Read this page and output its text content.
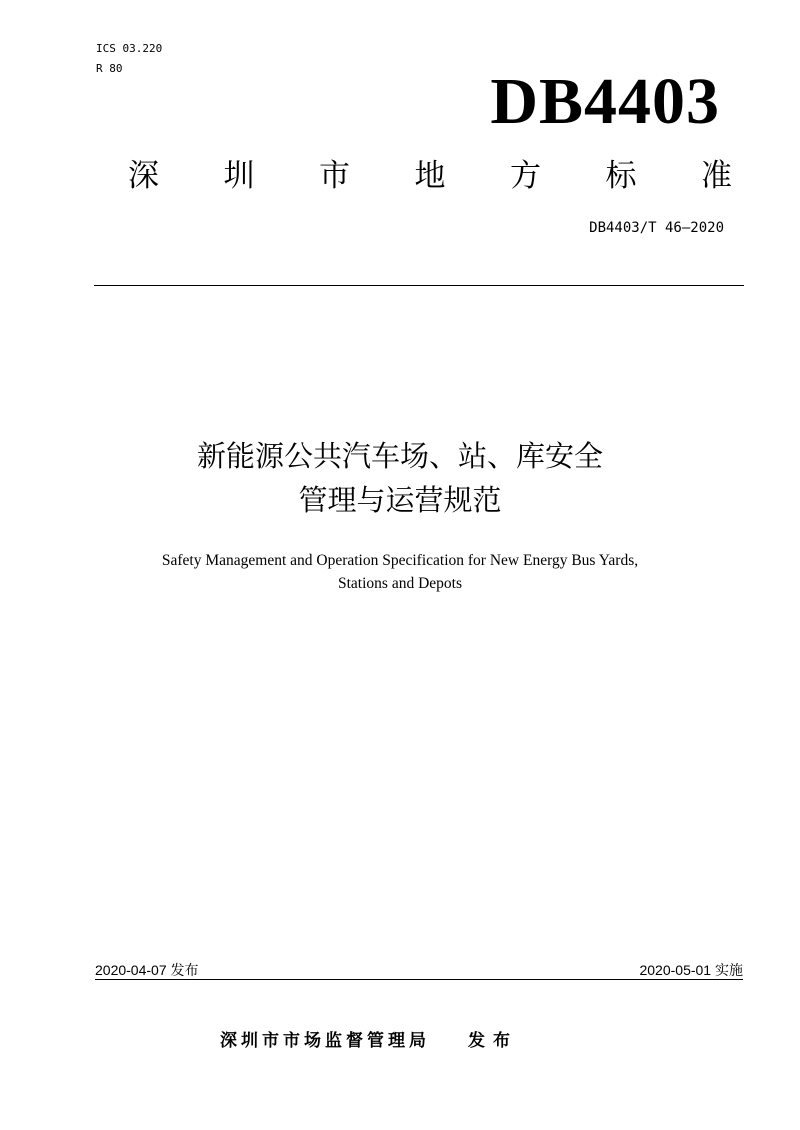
ICS 03.220
R 80	DB4403
深 圳 市 地 方 标 准
DB4403/T 46—2020
新能源公共汽车场、站、库安全
管理与运营规范
Safety Management and Operation Specification for New Energy Bus Yards,
Stations and Depots
2020-04-07 发布	2020-05-01 实施
深圳市市场监督管理局 发布
